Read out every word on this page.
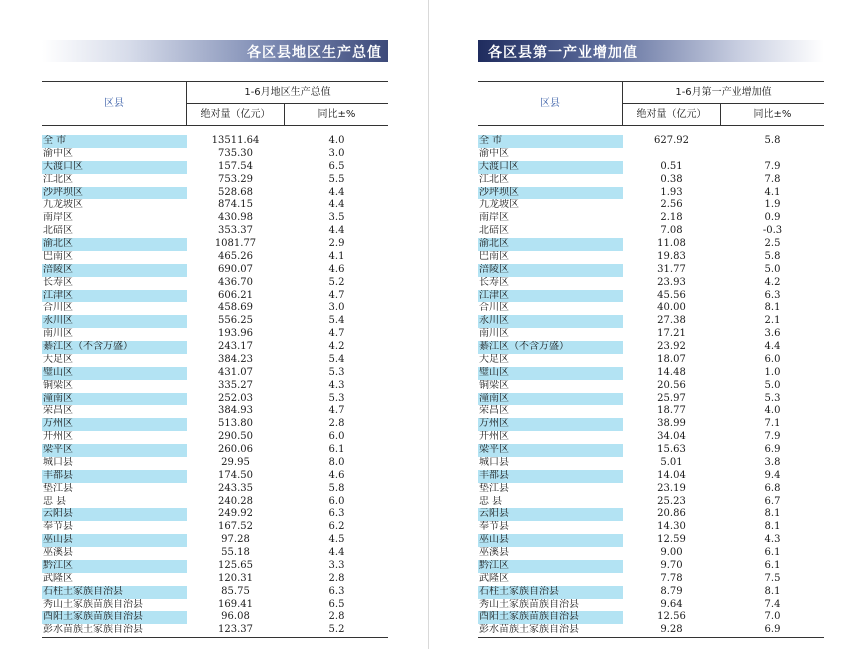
各区县地区生产总值
区县
1-6月地区生产总值
绝对量（亿元）	同比±%
全 市	13511.64	4.0
渝中区	735.30	3.0
大渡口区	157.54	6.5
江北区	753.29	5.5
沙坪坝区	528.68	4.4
九龙坡区	874.15	4.4
南岸区	430.98	3.5
北碚区	353.37	4.4
渝北区	1081.77	2.9
巴南区	465.26	4.1
涪陵区	690.07	4.6
长寿区	436.70	5.2
江津区	606.21	4.7
合川区	458.69	3.0
永川区	556.25	5.4
南川区	193.96	4.7
綦江区（不含万盛）	243.17	4.2
大足区	384.23	5.4
璧山区	431.07	5.3
铜梁区	335.27	4.3
潼南区	252.03	5.3
荣昌区	384.93	4.7
万州区	513.80	2.8
开州区	290.50	6.0
梁平区	260.06	6.1
城口县	29.95	8.0
丰都县	174.50	4.6
垫江县	243.35	5.8
忠 县	240.28	6.0
云阳县	249.92	6.3
奉节县	167.52	6.2
巫山县	97.28	4.5
巫溪县	55.18	4.4
黔江区	125.65	3.3
武隆区	120.31	2.8
石柱土家族自治县	85.75	6.3
秀山土家族苗族自治县	169.41	6.5
酉阳土家族苗族自治县	96.08	2.8
彭水苗族土家族自治县	123.37	5.2
各区县第一产业增加值
区县
1-6月第一产业增加值
绝对量（亿元）	同比±%
全 市	627.92	5.8
渝中区
大渡口区	0.51	7.9
江北区	0.38	7.8
沙坪坝区	1.93	4.1
九龙坡区	2.56	1.9
南岸区	2.18	0.9
北碚区	7.08	-0.3
渝北区	11.08	2.5
巴南区	19.83	5.8
涪陵区	31.77	5.0
长寿区	23.93	4.2
江津区	45.56	6.3
合川区	40.00	8.1
永川区	27.38	2.1
南川区	17.21	3.6
綦江区（不含万盛）	23.92	4.4
大足区	18.07	6.0
璧山区	14.48	1.0
铜梁区	20.56	5.0
潼南区	25.97	5.3
荣昌区	18.77	4.0
万州区	38.99	7.1
开州区	34.04	7.9
梁平区	15.63	6.9
城口县	5.01	3.8
丰都县	14.04	9.4
垫江县	23.19	6.8
忠 县	25.23	6.7
云阳县	20.86	8.1
奉节县	14.30	8.1
巫山县	12.59	4.3
巫溪县	9.00	6.1
黔江区	9.70	6.1
武隆区	7.78	7.5
石柱土家族自治县	8.79	8.1
秀山土家族苗族自治县	9.64	7.4
酉阳土家族苗族自治县	12.56	7.0
彭水苗族土家族自治县	9.28	6.9
